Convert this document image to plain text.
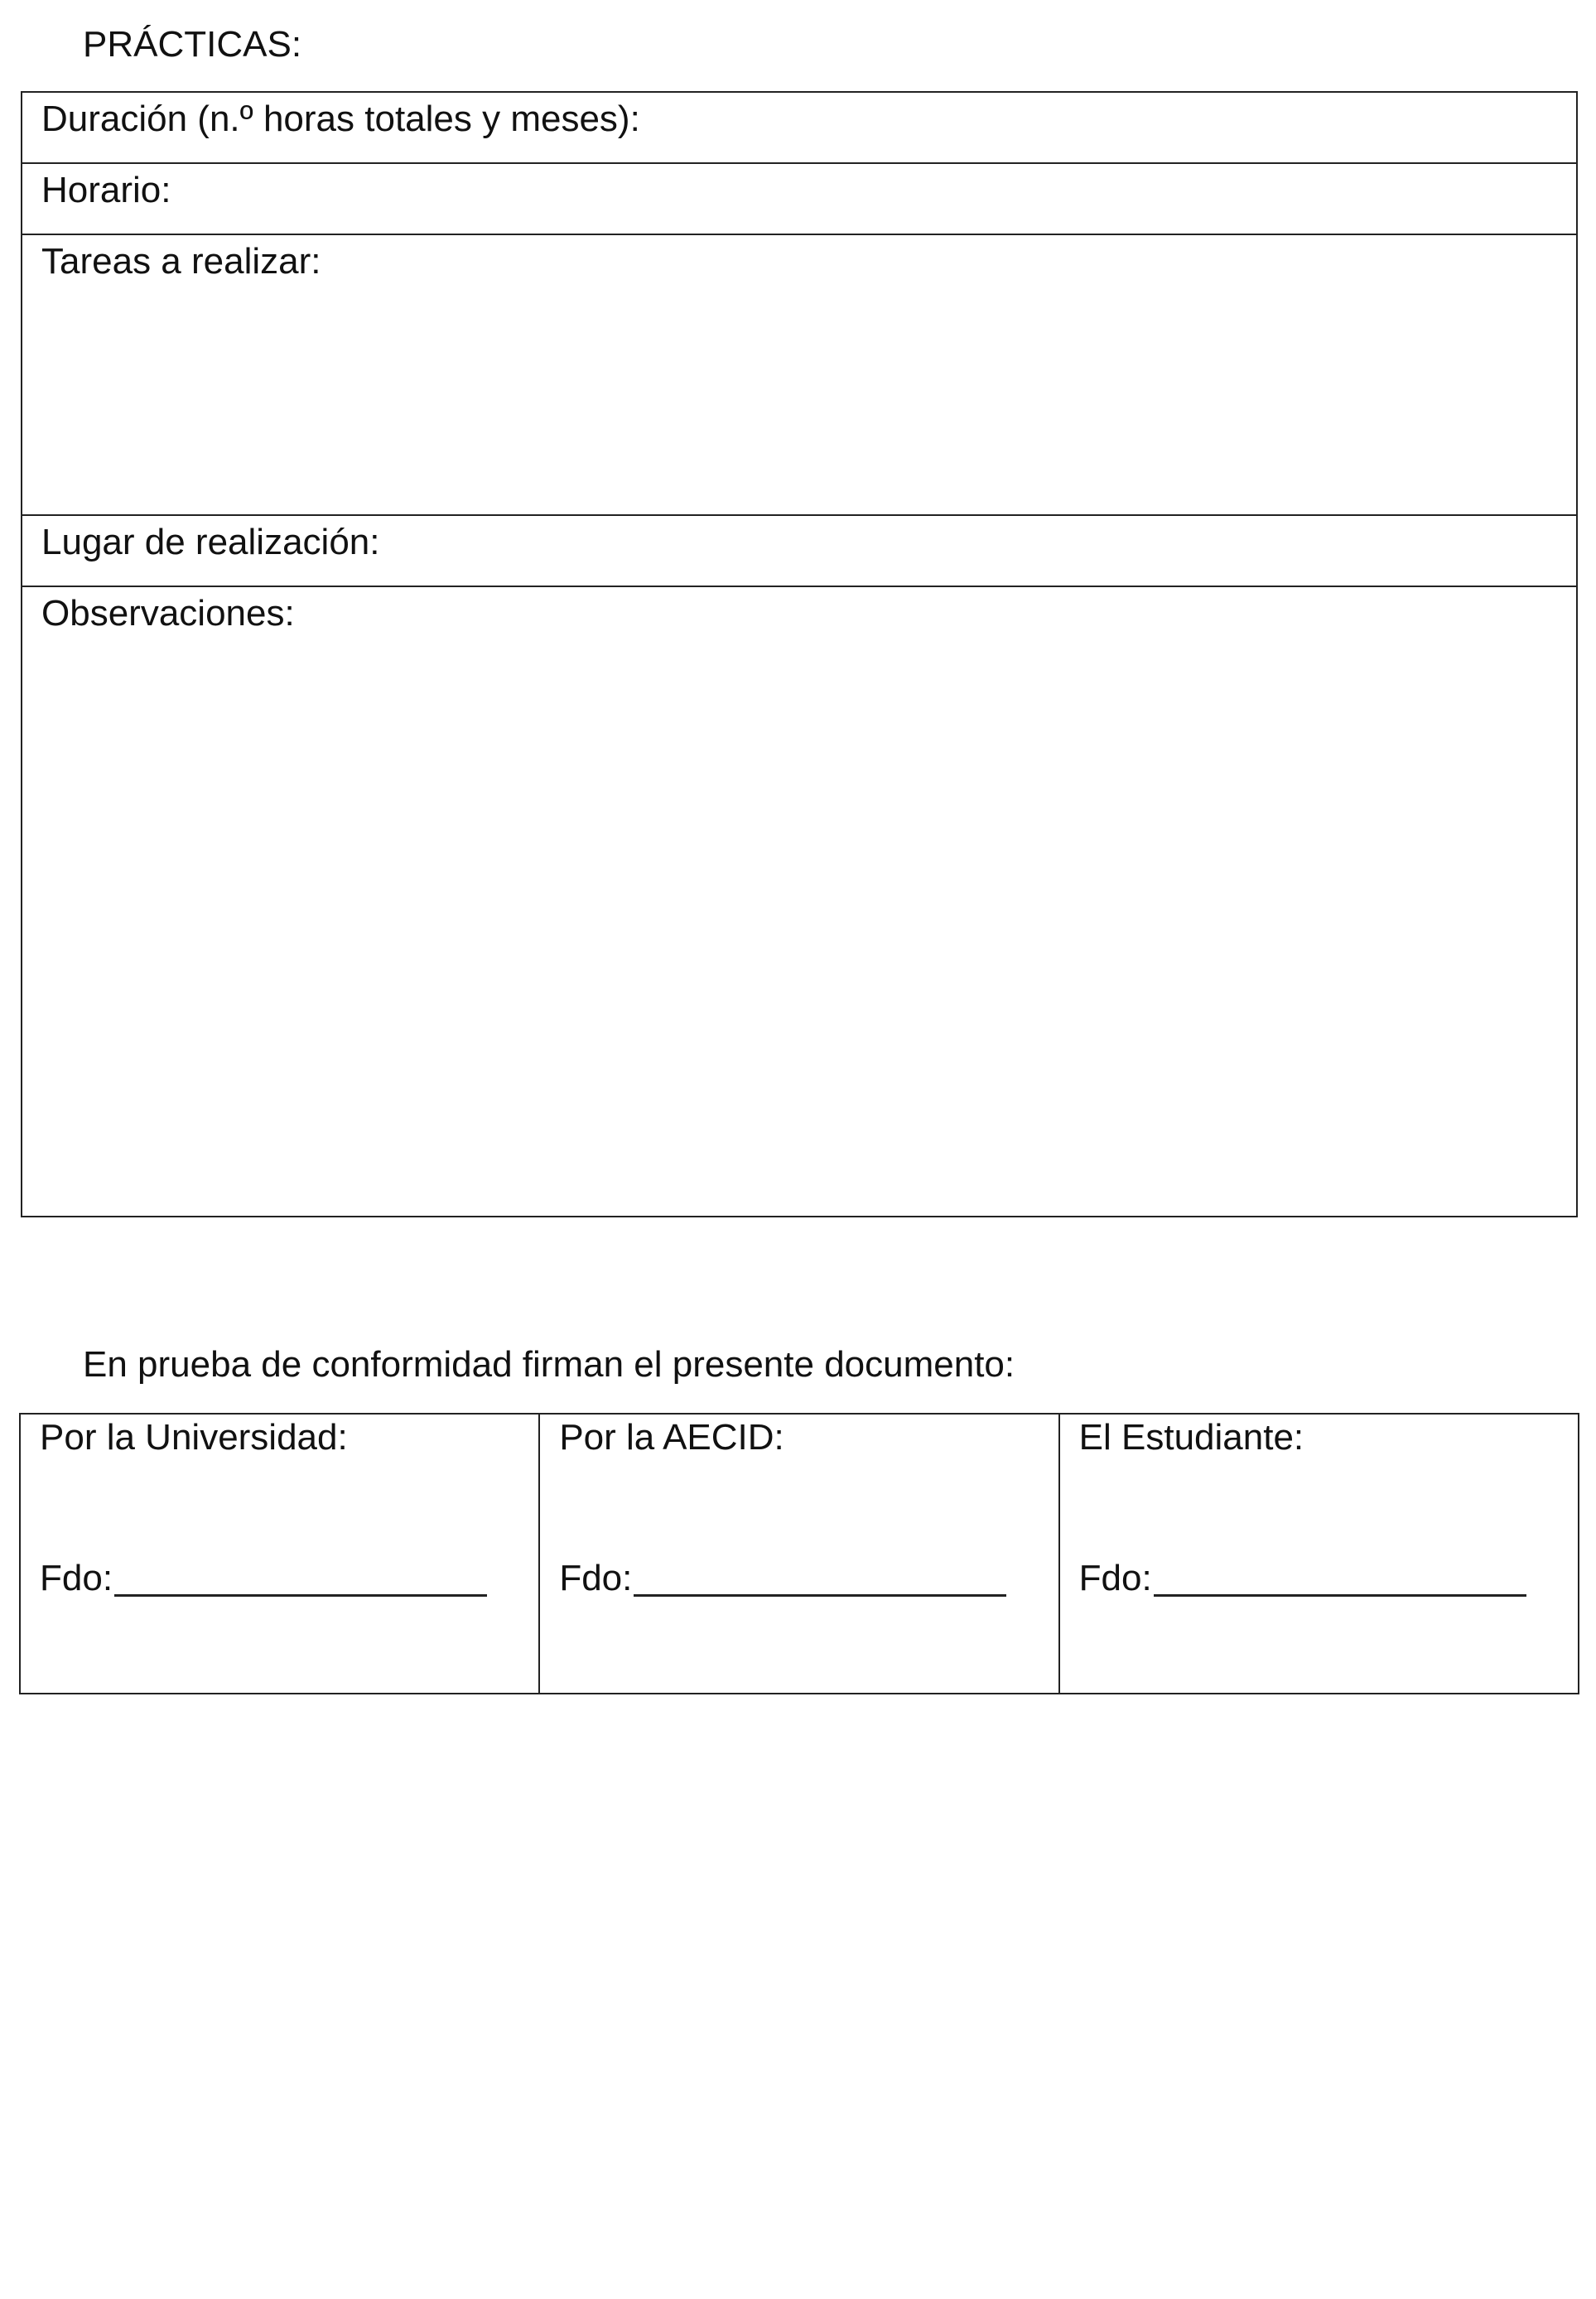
PRÁCTICAS:
Duración (n.º horas totales y meses):
Horario:
Tareas a realizar:
Lugar de realización:
Observaciones:
En prueba de conformidad firman el presente documento:
Por la Universidad:
Fdo:
Por la AECID:
Fdo:
El Estudiante:
Fdo:
